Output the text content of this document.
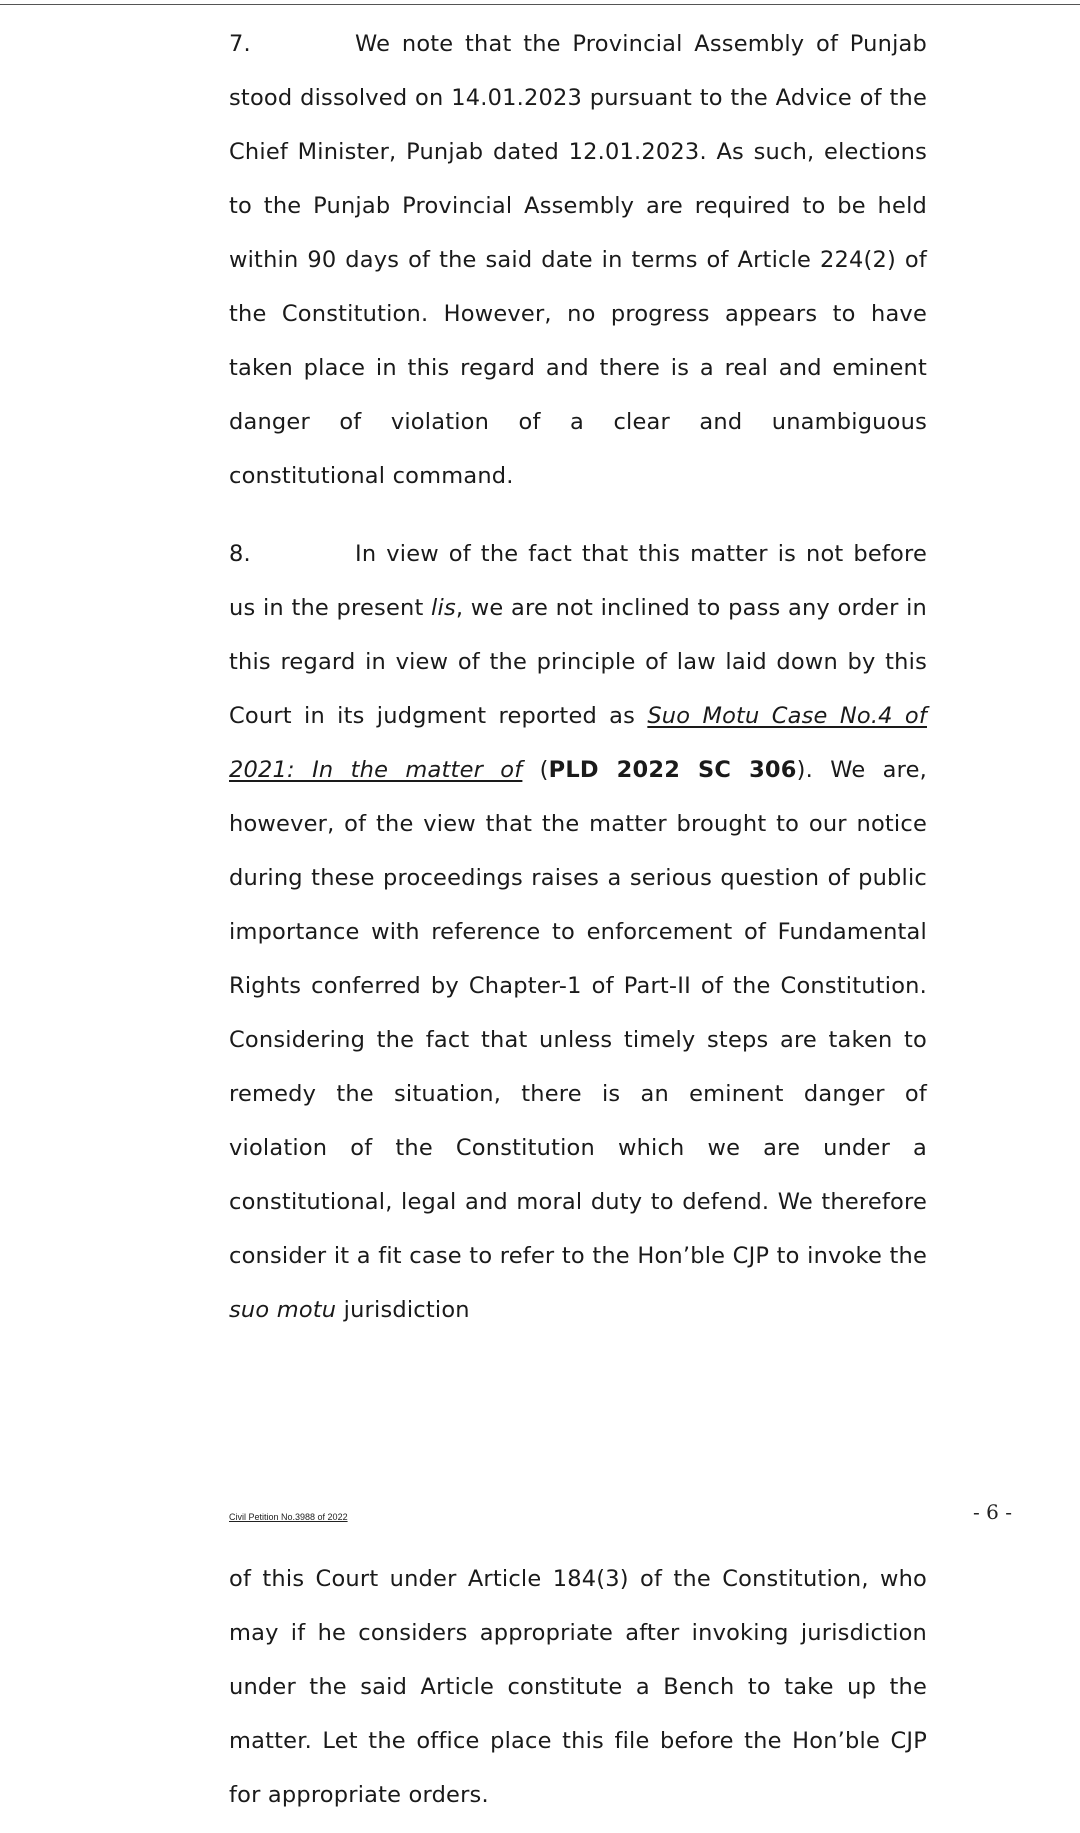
7.	We note that the Provincial Assembly of Punjab stood dissolved on 14.01.2023 pursuant to the Advice of the Chief Minister, Punjab dated 12.01.2023. As such, elections to the Punjab Provincial Assembly are required to be held within 90 days of the said date in terms of Article 224(2) of the Constitution. However, no progress appears to have taken place in this regard and there is a real and eminent danger of violation of a clear and unambiguous constitutional command.

8.	In view of the fact that this matter is not before us in the present lis, we are not inclined to pass any order in this regard in view of the principle of law laid down by this Court in its judgment reported as Suo Motu Case No.4 of 2021: In the matter of (PLD 2022 SC 306). We are, however, of the view that the matter brought to our notice during these proceedings raises a serious question of public importance with reference to enforcement of Fundamental Rights conferred by Chapter-1 of Part-II of the Constitution. Considering the fact that unless timely steps are taken to remedy the situation, there is an eminent danger of violation of the Constitution which we are under a constitutional, legal and moral duty to defend. We therefore consider it a fit case to refer to the Hon’ble CJP to invoke the suo motu jurisdiction

Civil Petition No.3988 of 2022	- 6 -

of this Court under Article 184(3) of the Constitution, who may if he considers appropriate after invoking jurisdiction under the said Article constitute a Bench to take up the matter. Let the office place this file before the Hon’ble CJP for appropriate orders.
